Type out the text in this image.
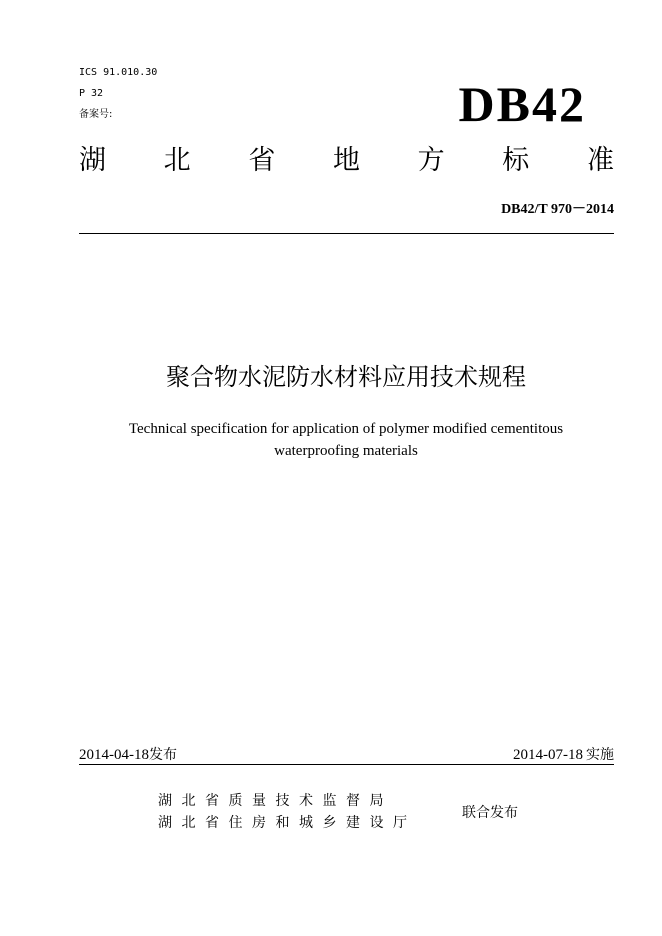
ICS 91.010.30
P 32
备案号:	DB42
湖 北 省 地 方 标 准
DB42/T 970－2014
聚合物水泥防水材料应用技术规程
Technical specification for application of polymer modified cementitous
waterproofing materials
2014-04-18发布	2014-07-18 实施
湖北省质量技术监督局
湖北省住房和城乡建设厅
联合发布
